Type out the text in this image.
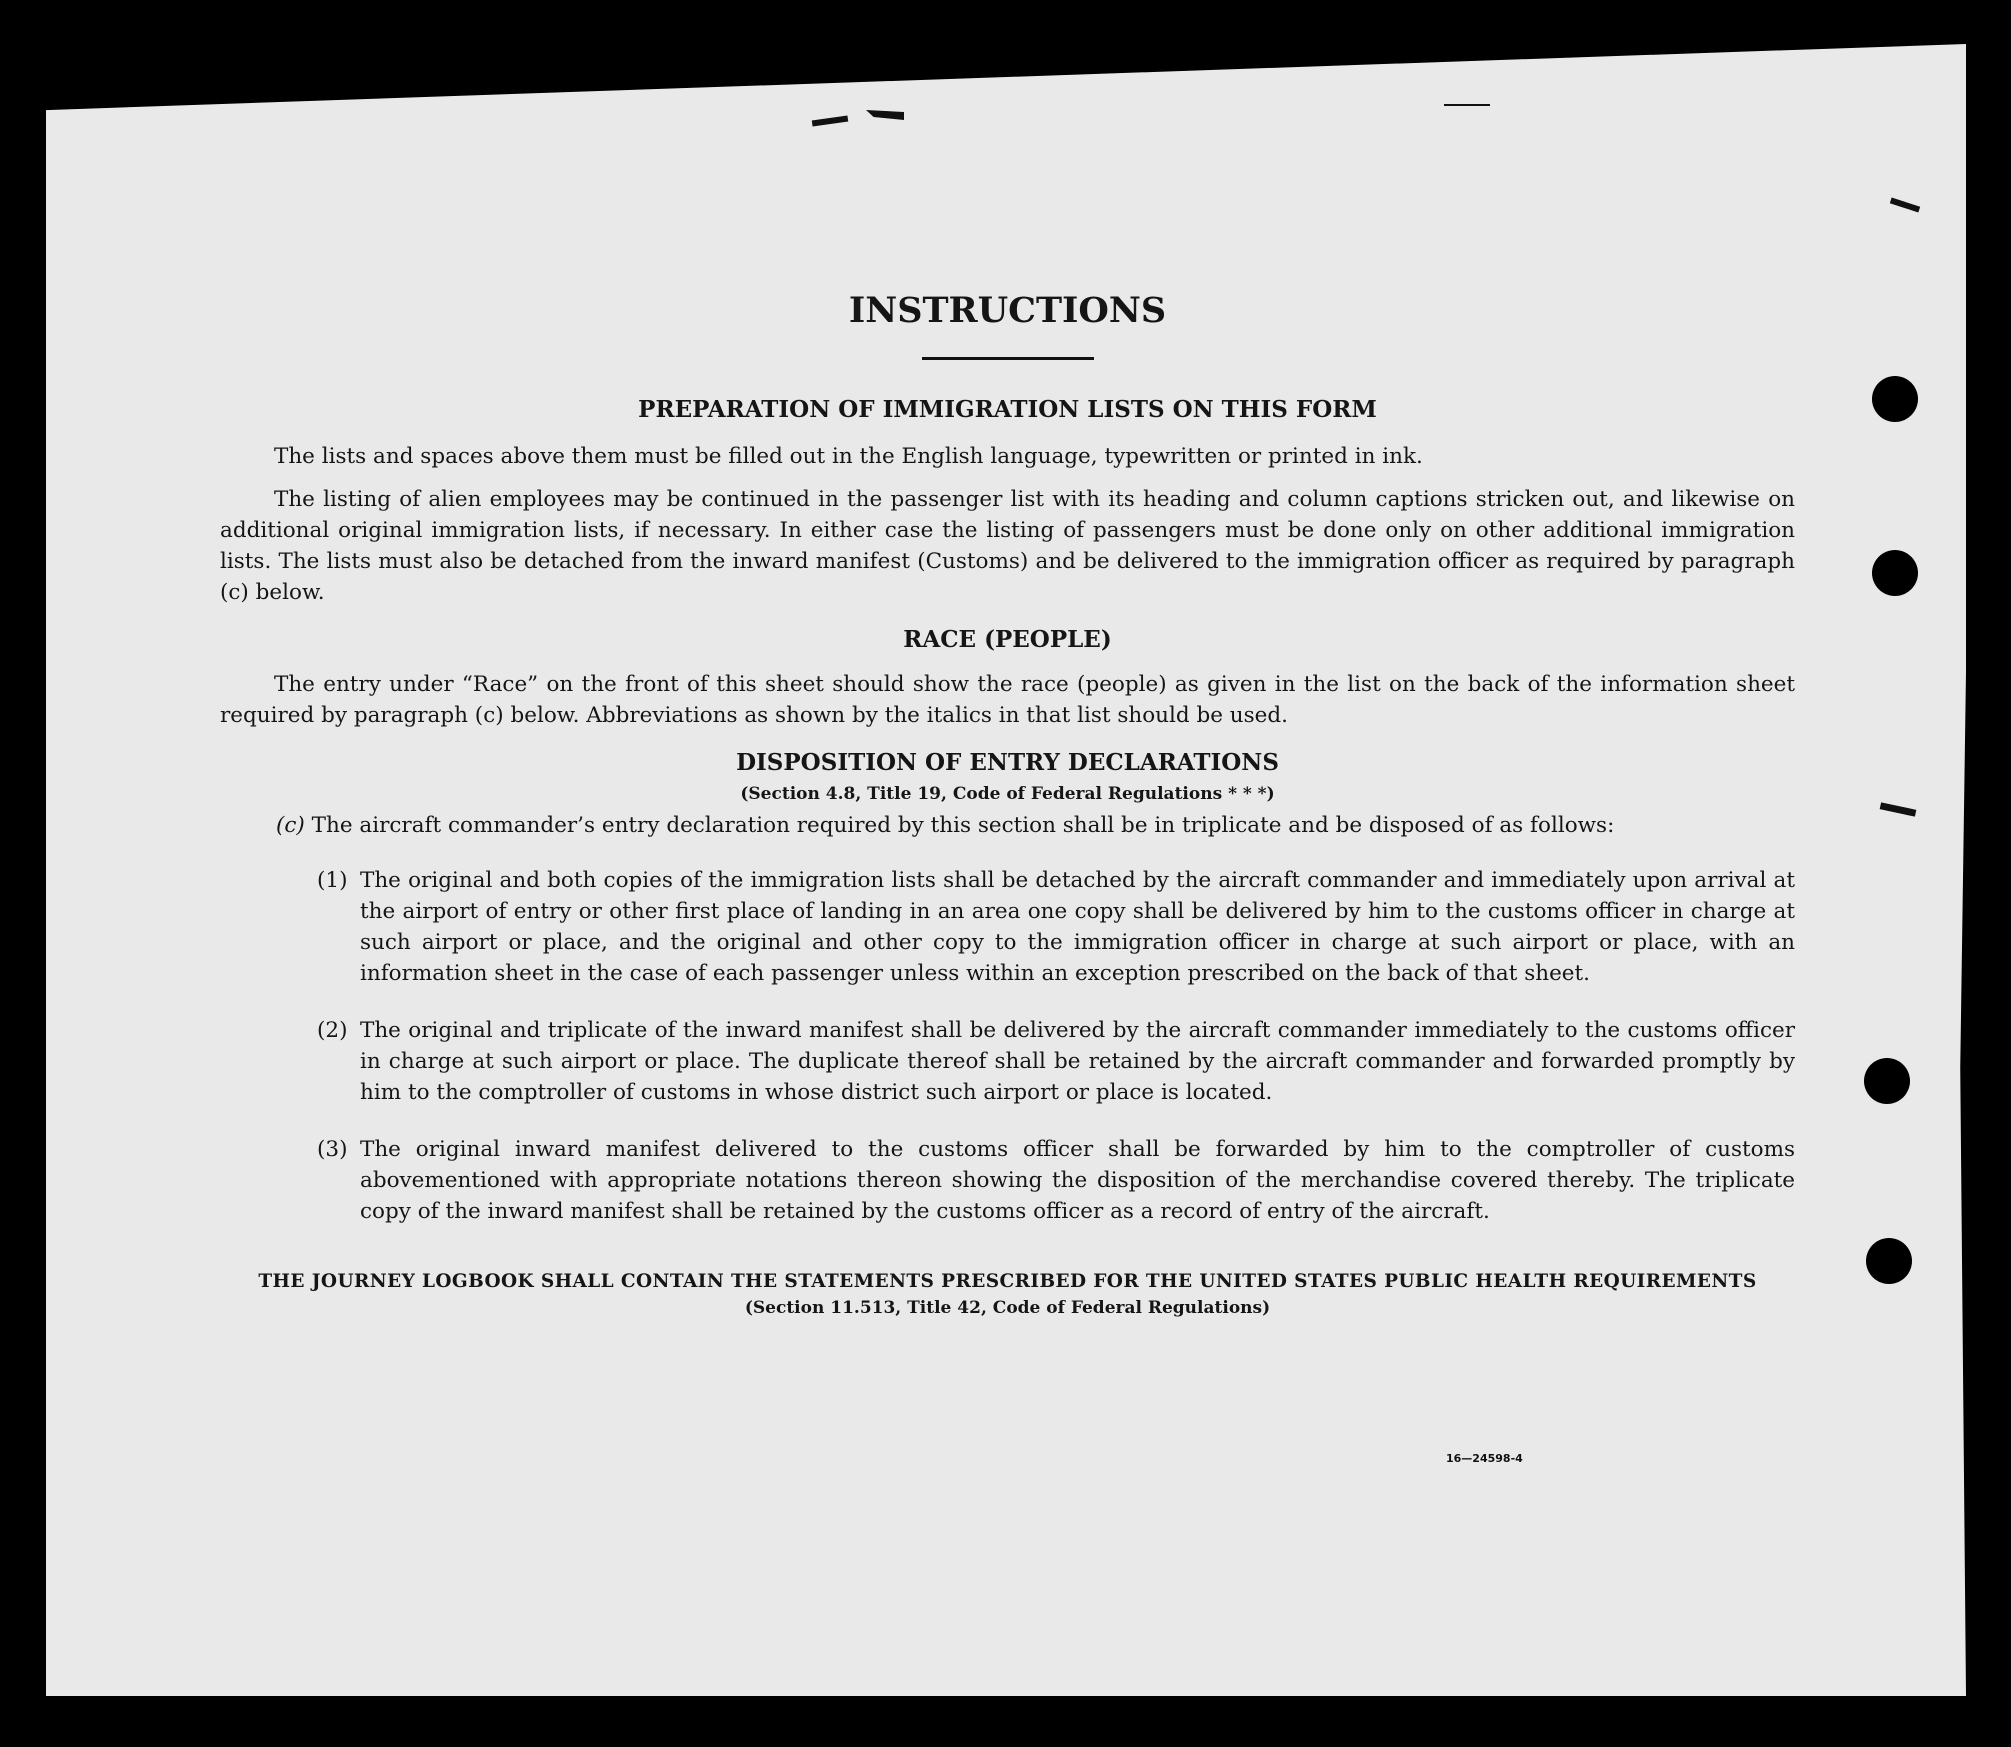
INSTRUCTIONS
PREPARATION OF IMMIGRATION LISTS ON THIS FORM

The lists and spaces above them must be filled out in the English language, typewritten or printed in ink.

The listing of alien employees may be continued in the passenger list with its heading and column captions stricken out, and likewise on additional original immigration lists, if necessary. In either case the listing of passengers must be done only on other additional immigration lists. The lists must also be detached from the inward manifest (Customs) and be delivered to the immigration officer as required by paragraph (c) below.

RACE (PEOPLE)

The entry under “Race” on the front of this sheet should show the race (people) as given in the list on the back of the information sheet required by paragraph (c) below. Abbreviations as shown by the italics in that list should be used.

DISPOSITION OF ENTRY DECLARATIONS

(Section 4.8, Title 19, Code of Federal Regulations * * *)

(c) The aircraft commander’s entry declaration required by this section shall be in triplicate and be disposed of as follows:

(1) The original and both copies of the immigration lists shall be detached by the aircraft commander and immediately upon arrival at the airport of entry or other first place of landing in an area one copy shall be delivered by him to the customs officer in charge at such airport or place, and the original and other copy to the immigration officer in charge at such airport or place, with an information sheet in the case of each passenger unless within an exception prescribed on the back of that sheet.
(2) The original and triplicate of the inward manifest shall be delivered by the aircraft commander immediately to the customs officer in charge at such airport or place. The duplicate thereof shall be retained by the aircraft commander and forwarded promptly by him to the comptroller of customs in whose district such airport or place is located.
(3) The original inward manifest delivered to the customs officer shall be forwarded by him to the comptroller of customs abovementioned with appropriate notations thereon showing the disposition of the merchandise covered thereby. The triplicate copy of the inward manifest shall be retained by the customs officer as a record of entry of the aircraft.

THE JOURNEY LOGBOOK SHALL CONTAIN THE STATEMENTS PRESCRIBED FOR THE UNITED STATES PUBLIC HEALTH REQUIREMENTS

(Section 11.513, Title 42, Code of Federal Regulations)

16—24598-4
